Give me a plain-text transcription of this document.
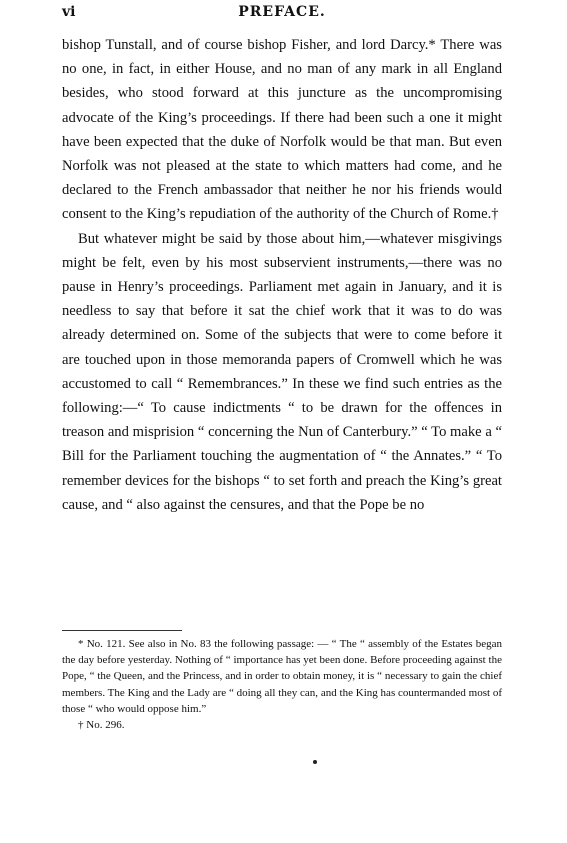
vi	PREFACE.

bishop Tunstall, and of course bishop Fisher, and lord Darcy.* There was no one, in fact, in either House, and no man of any mark in all England besides, who stood forward at this juncture as the uncompromising advocate of the King’s proceedings. If there had been such a one it might have been expected that the duke of Norfolk would be that man. But even Norfolk was not pleased at the state to which matters had come, and he declared to the French ambassador that neither he nor his friends would consent to the King’s repudiation of the authority of the Church of Rome.†

But whatever might be said by those about him,—whatever misgivings might be felt, even by his most subservient instruments,—there was no pause in Henry’s proceedings. Parliament met again in January, and it is needless to say that before it sat the chief work that it was to do was already determined on. Some of the subjects that were to come before it are touched upon in those memoranda papers of Cromwell which he was accustomed to call “ Remembrances.” In these we find such entries as the following:—“ To cause indictments “ to be drawn for the offences in treason and misprision “ concerning the Nun of Canterbury.” “ To make a “ Bill for the Parliament touching the augmentation of “ the Annates.” “ To remember devices for the bishops “ to set forth and preach the King’s great cause, and “ also against the censures, and that the Pope be no

* No. 121. See also in No. 83 the following passage: — “ The “ assembly of the Estates began the day before yesterday. Nothing of “ importance has yet been done. Before proceeding against the Pope, “ the Queen, and the Princess, and in order to obtain money, it is “ necessary to gain the chief members. The King and the Lady are “ doing all they can, and the King has countermanded most of those “ who would oppose him.”

† No. 296.
